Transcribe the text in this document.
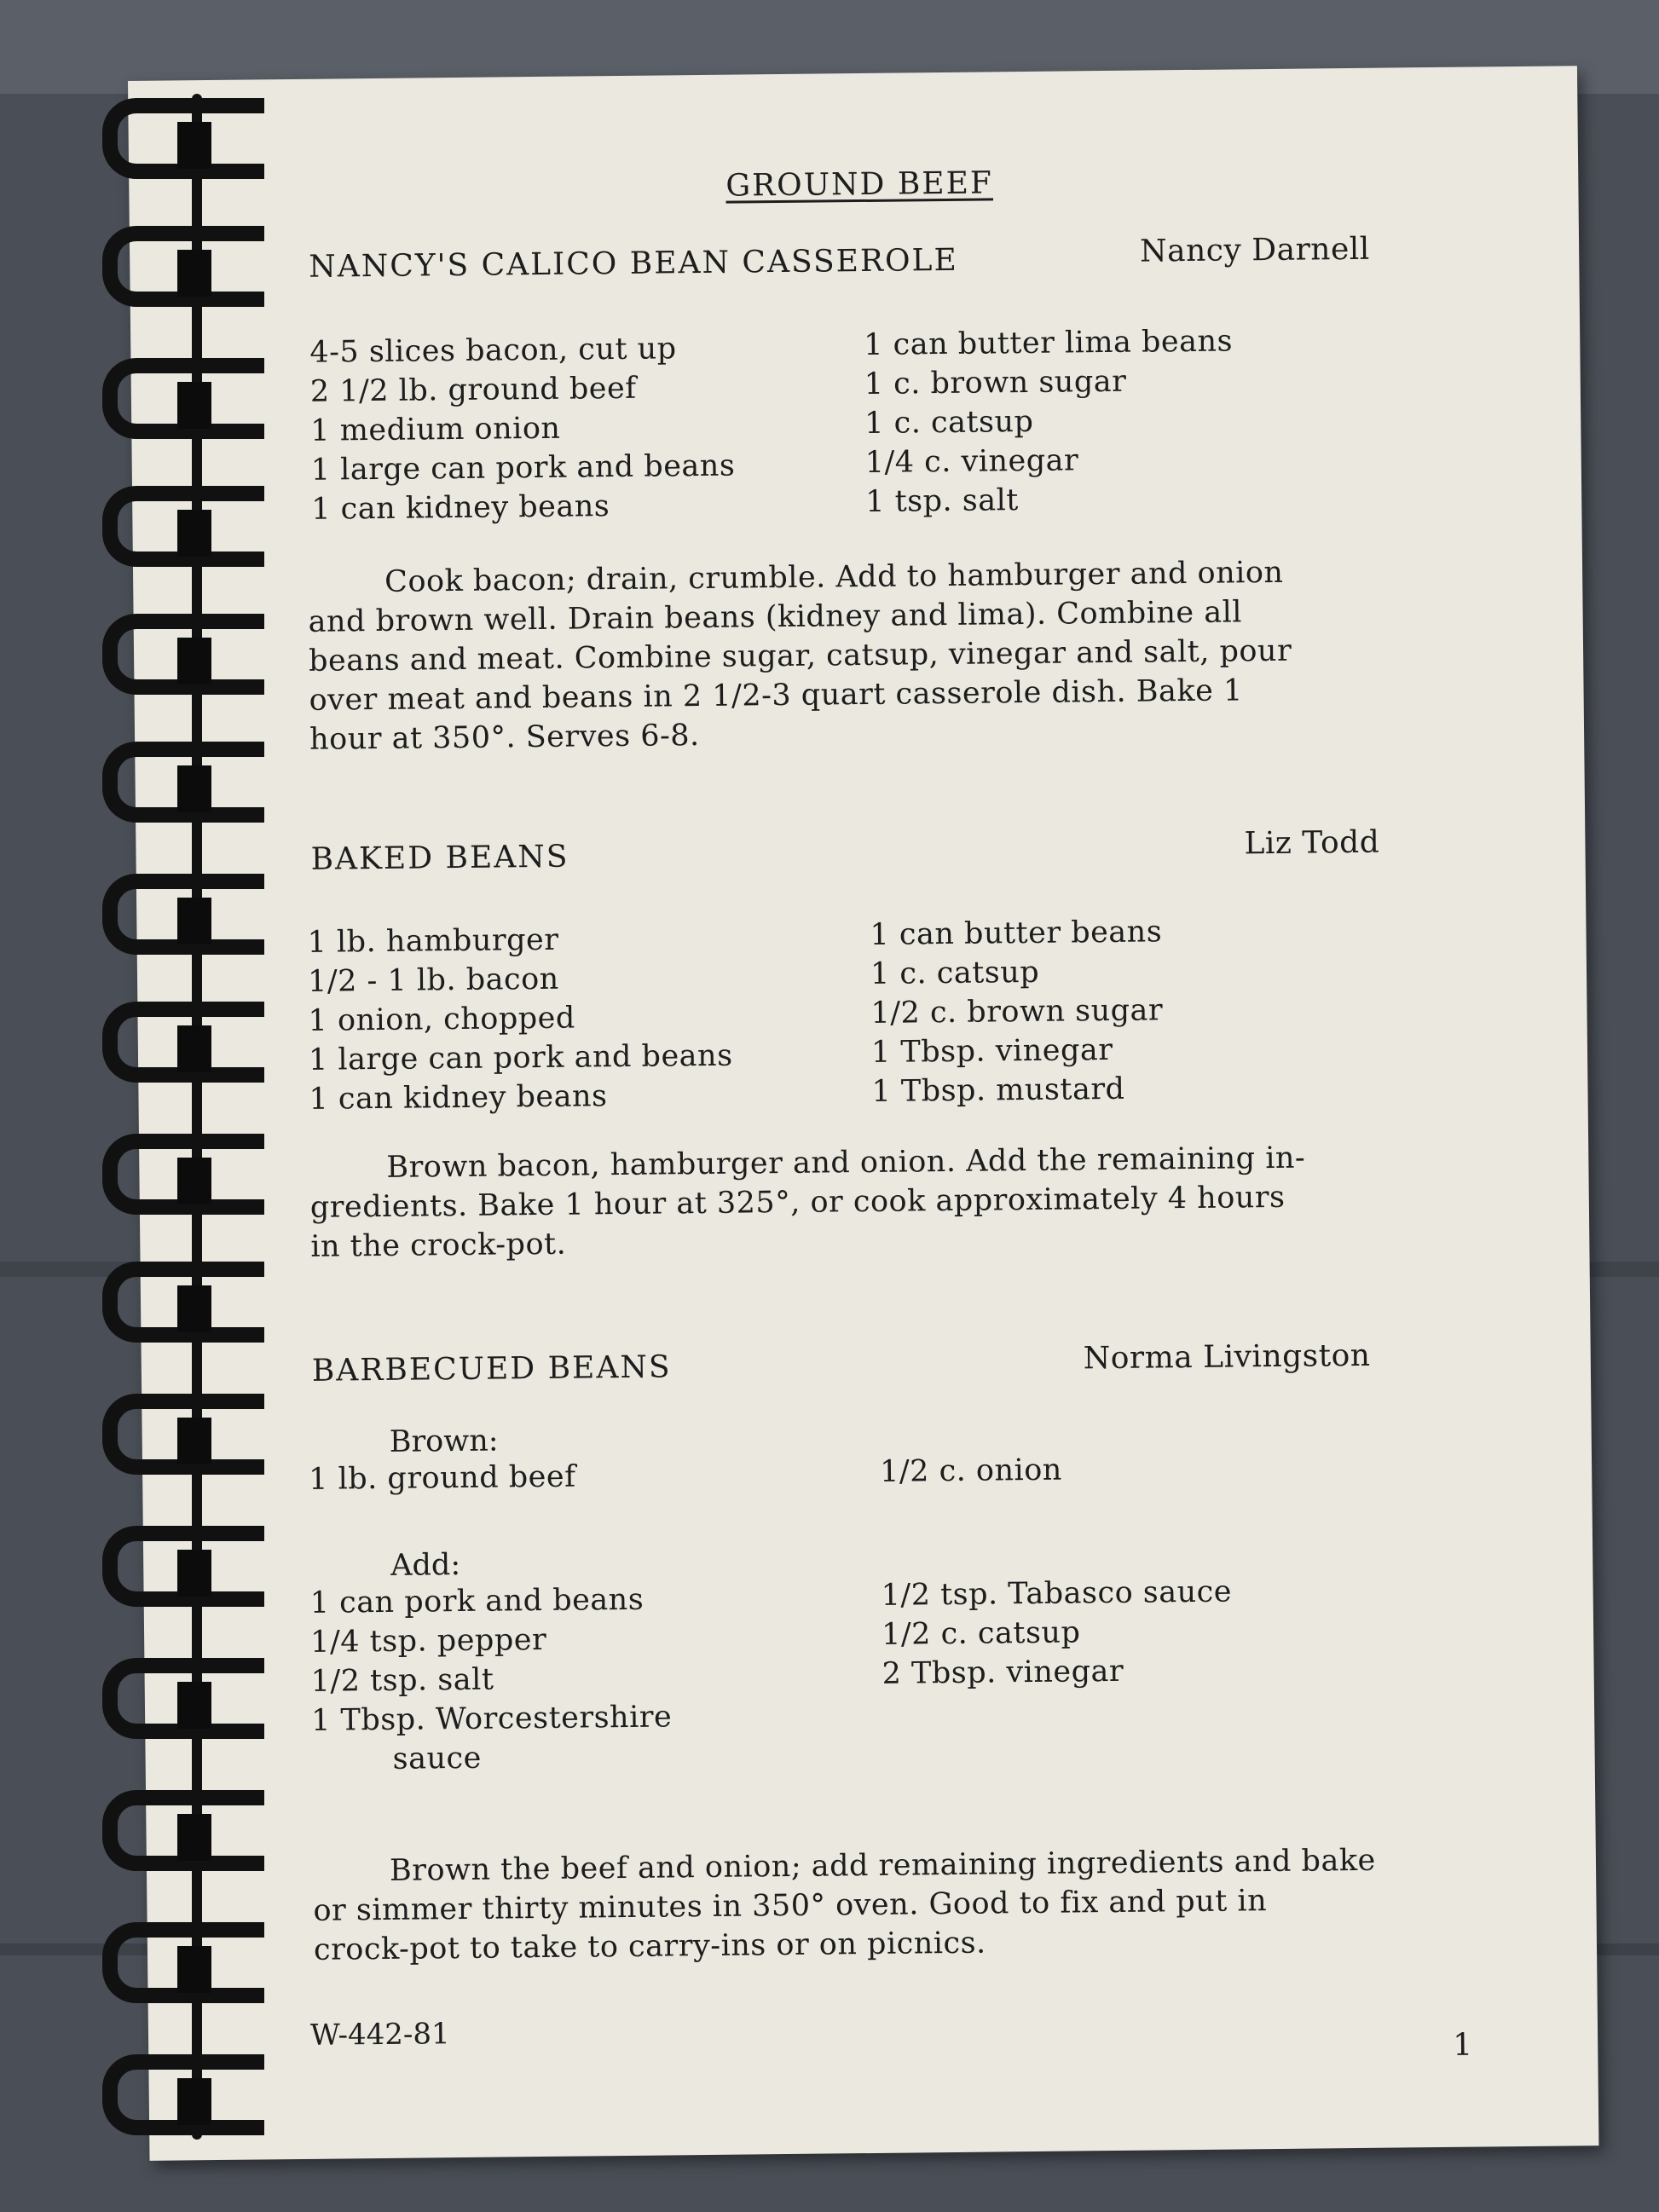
GROUND BEEF
NANCY'S CALICO BEAN CASSEROLE	Nancy Darnell
4-5 slices bacon, cut up
2 1/2 lb. ground beef
1 medium onion
1 large can pork and beans
1 can kidney beans
1 can butter lima beans
1 c. brown sugar
1 c. catsup
1/4 c. vinegar
1 tsp. salt
Cook bacon; drain, crumble. Add to hamburger and onion
and brown well. Drain beans (kidney and lima). Combine all
beans and meat. Combine sugar, catsup, vinegar and salt, pour
over meat and beans in 2 1/2-3 quart casserole dish. Bake 1
hour at 350°. Serves 6-8.
BAKED BEANS	Liz Todd
1 lb. hamburger
1/2 - 1 lb. bacon
1 onion, chopped
1 large can pork and beans
1 can kidney beans
1 can butter beans
1 c. catsup
1/2 c. brown sugar
1 Tbsp. vinegar
1 Tbsp. mustard
Brown bacon, hamburger and onion. Add the remaining in-
gredients. Bake 1 hour at 325°, or cook approximately 4 hours
in the crock-pot.
BARBECUED BEANS	Norma Livingston
Brown:
1 lb. ground beef	1/2 c. onion
Add:
1 can pork and beans
1/4 tsp. pepper
1/2 tsp. salt
1 Tbsp. Worcestershire
sauce
1/2 tsp. Tabasco sauce
1/2 c. catsup
2 Tbsp. vinegar
Brown the beef and onion; add remaining ingredients and bake
or simmer thirty minutes in 350° oven. Good to fix and put in
crock-pot to take to carry-ins or on picnics.
W-442-81	1
